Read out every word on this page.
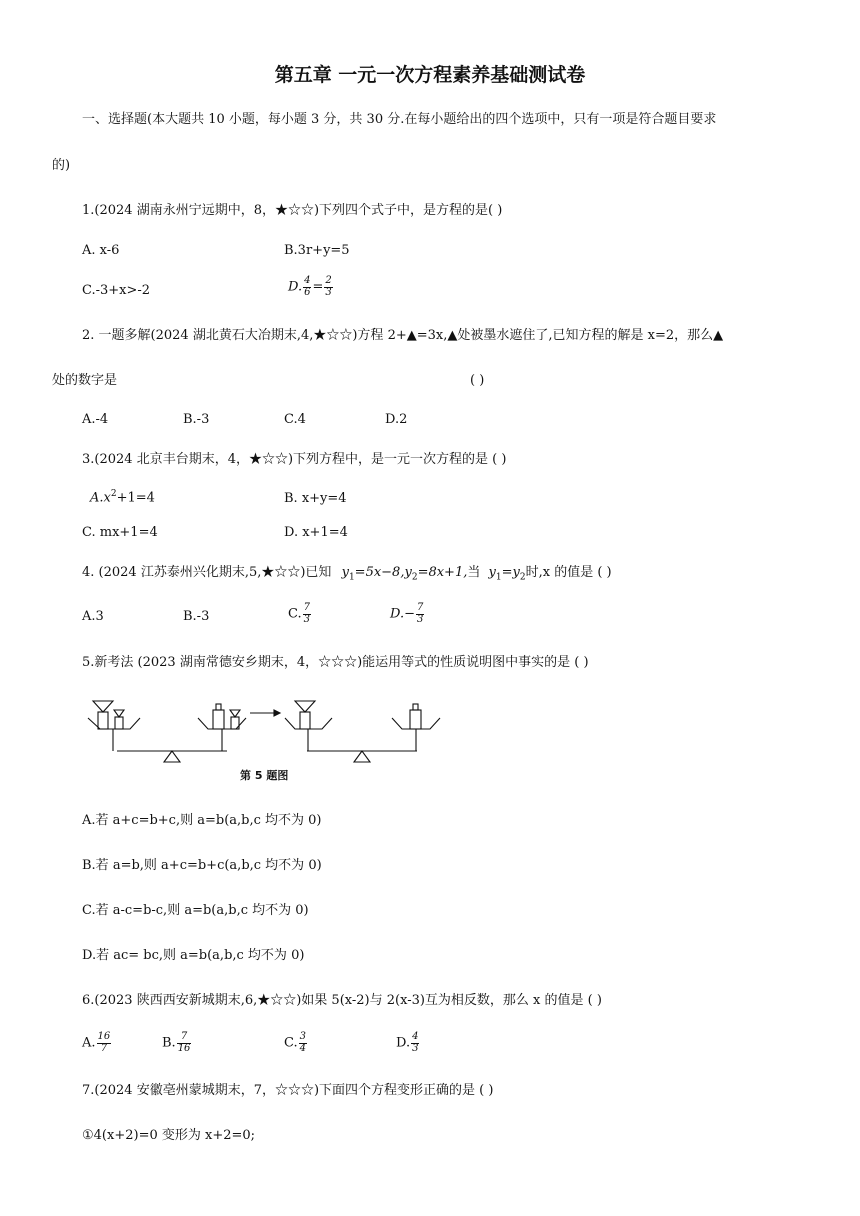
第五章 一元一次方程素养基础测试卷
一、选择题(本大题共 10 小题，每小题 3 分，共 30 分.在每小题给出的四个选项中，只有一项是符合题目要求
的)
1.(2024 湖南永州宁远期中，8，★☆☆)下列四个式子中，是方程的是( )
A. x-6	B.3r+y=5
C.-3+x>-2	D. $\frac{4}{6} = \frac{2}{3}$
2. 一题多解(2024 湖北黄石大冶期末,4,★☆☆)方程 2+▲=3x,▲处被墨水遮住了,已知方程的解是 x=2，那么▲
处的数字是	( )
A.-4	B.-3	C.4	D.2
3.(2024 北京丰台期末，4，★☆☆)下列方程中，是一元一次方程的是 ( )
$A.x^2+1=4$	B. x+y=4
C. mx+1=4	D. x+1=4
4. (2024 江苏泰州兴化期末,5,★☆☆)已知 $y_1=5x-8,y_2=8x+1$,当 $y_1=y_2$时,x 的值是 ( )
A.3	B.-3	C. $\frac{7}{3}$	$D.- \frac{7}{3}$
5.新考法 (2023 湖南常德安乡期末，4，☆☆☆)能运用等式的性质说明图中事实的是 ( )
第 5 题图
A.若 a+c=b+c,则 a=b(a,b,c 均不为 0)
B.若 a=b,则 a+c=b+c(a,b,c 均不为 0)
C.若 a-c=b-c,则 a=b(a,b,c 均不为 0)
D.若 ac= bc,则 a=b(a,b,c 均不为 0)
6.(2023 陕西西安新城期末,6,★☆☆)如果 5(x-2)与 2(x-3)互为相反数，那么 x 的值是 ( )
A. $\frac{16}{7}$	B. $\frac{7}{16}$	C. $\frac{3}{4}$	D. $\frac{4}{3}$
7.(2024 安徽亳州蒙城期末，7，☆☆☆)下面四个方程变形正确的是 ( )
①4(x+2)=0 变形为 x+2=0;
